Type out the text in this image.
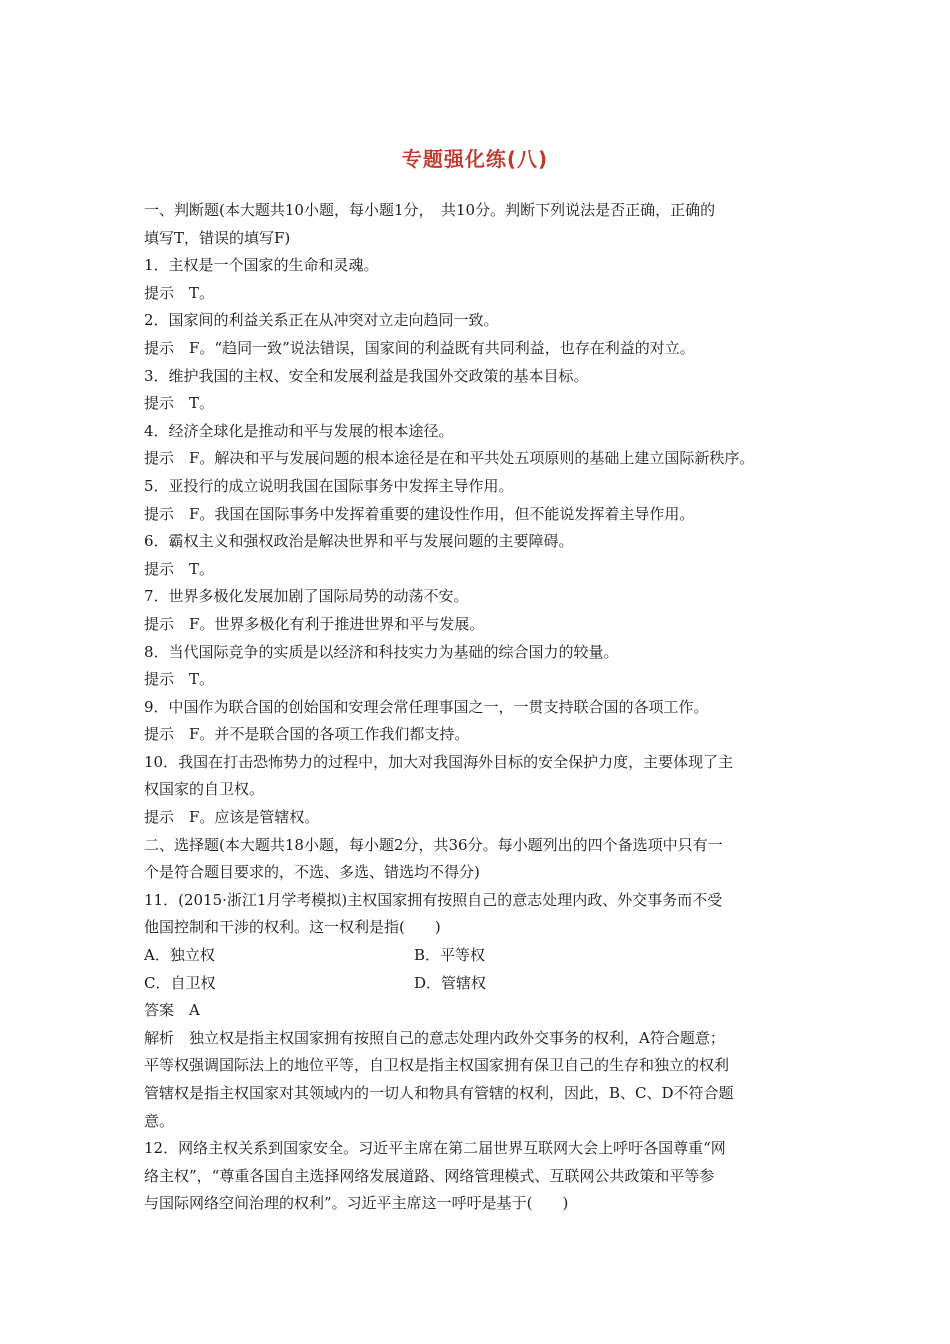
专题强化练(八)
一、判断题(本大题共10小题，每小题1分，　共10分。判断下列说法是否正确，正确的
填写T，错误的填写F)
1．主权是一个国家的生命和灵魂。
提示　T。
2．国家间的利益关系正在从冲突对立走向趋同一致。
提示　F。“趋同一致”说法错误，国家间的利益既有共同利益，也存在利益的对立。
3．维护我国的主权、安全和发展利益是我国外交政策的基本目标。
提示　T。
4．经济全球化是推动和平与发展的根本途径。
提示　F。解决和平与发展问题的根本途径是在和平共处五项原则的基础上建立国际新秩序。
5．亚投行的成立说明我国在国际事务中发挥主导作用。
提示　F。我国在国际事务中发挥着重要的建设性作用，但不能说发挥着主导作用。
6．霸权主义和强权政治是解决世界和平与发展问题的主要障碍。
提示　T。
7．世界多极化发展加剧了国际局势的动荡不安。
提示　F。世界多极化有利于推进世界和平与发展。
8．当代国际竞争的实质是以经济和科技实力为基础的综合国力的较量。
提示　T。
9．中国作为联合国的创始国和安理会常任理事国之一，一贯支持联合国的各项工作。
提示　F。并不是联合国的各项工作我们都支持。
10．我国在打击恐怖势力的过程中，加大对我国海外目标的安全保护力度，主要体现了主
权国家的自卫权。
提示　F。应该是管辖权。
二、选择题(本大题共18小题，每小题2分，共36分。每小题列出的四个备选项中只有一
个是符合题目要求的，不选、多选、错选均不得分)
11．(2015·浙江1月学考模拟)主权国家拥有按照自己的意志处理内政、外交事务而不受
他国控制和干涉的权利。这一权利是指(　　)
A．独立权	B．平等权
C．自卫权	D．管辖权
答案　A
解析　独立权是指主权国家拥有按照自己的意志处理内政外交事务的权利，A符合题意；
平等权强调国际法上的地位平等，自卫权是指主权国家拥有保卫自己的生存和独立的权利
管辖权是指主权国家对其领域内的一切人和物具有管辖的权利，因此，B、C、D不符合题
意。
12．网络主权关系到国家安全。习近平主席在第二届世界互联网大会上呼吁各国尊重“网
络主权”，“尊重各国自主选择网络发展道路、网络管理模式、互联网公共政策和平等参
与国际网络空间治理的权利”。习近平主席这一呼吁是基于(　　)
